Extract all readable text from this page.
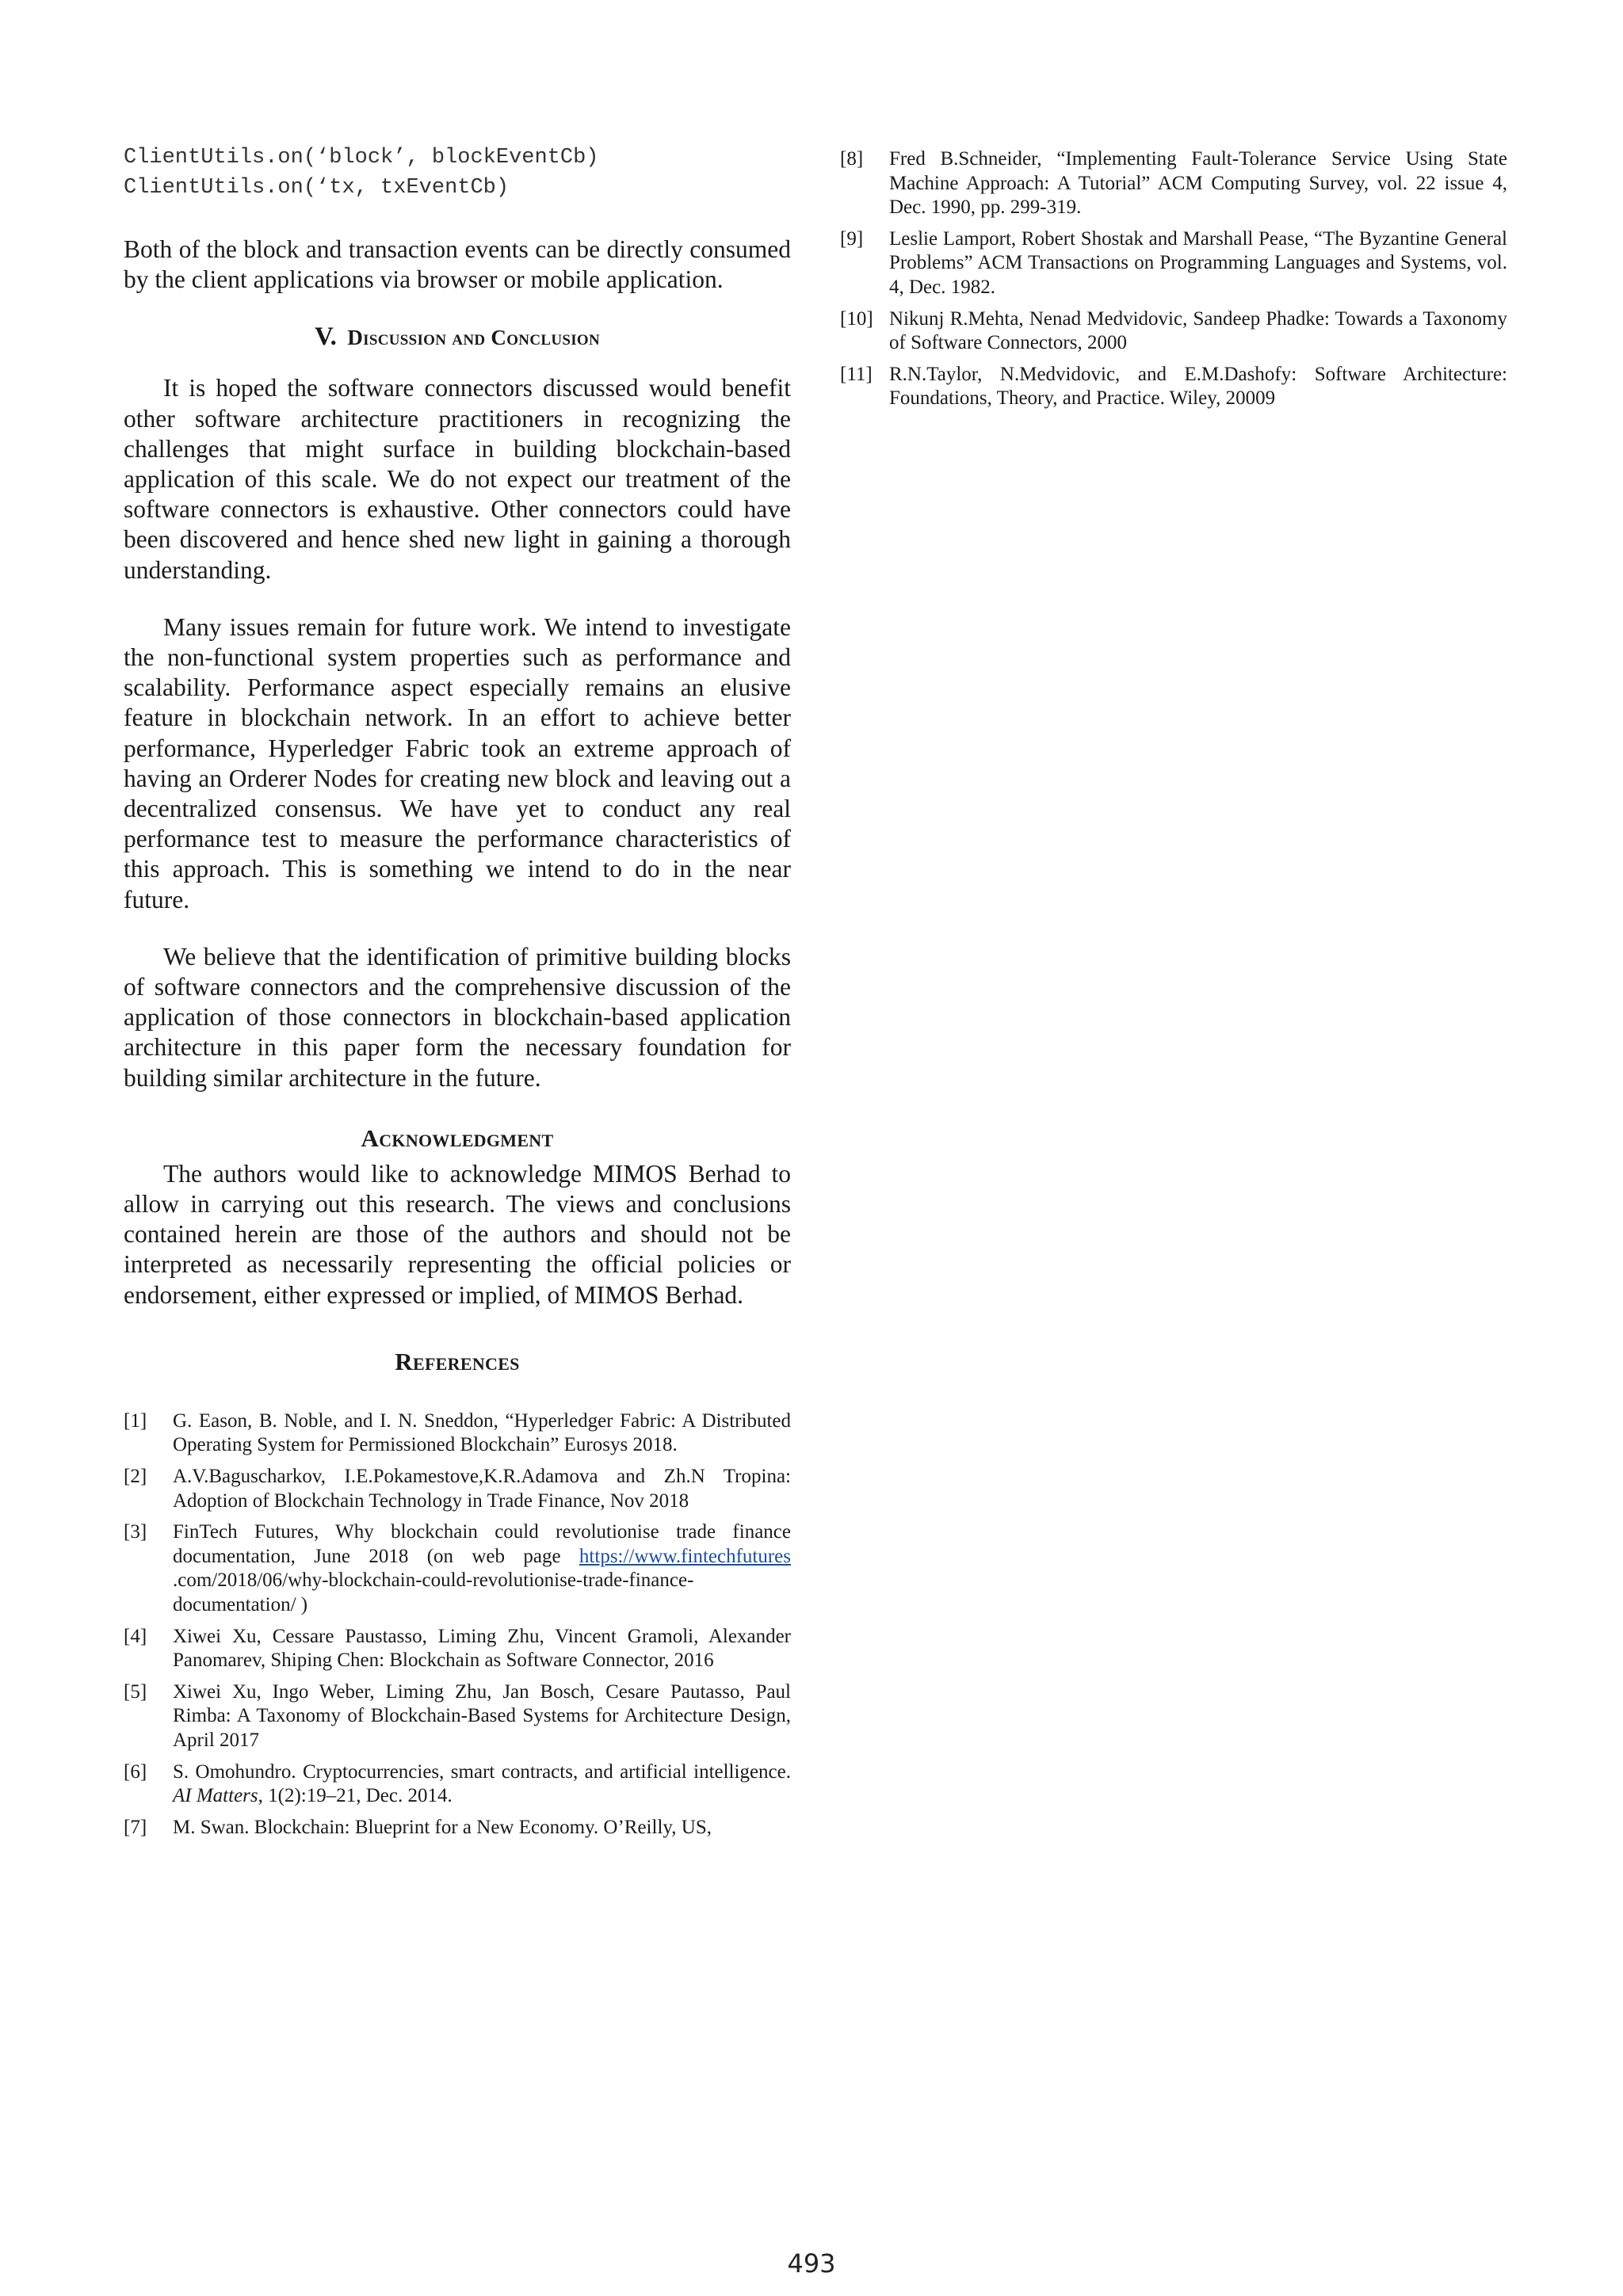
ClientUtils.on(‘block’, blockEventCb)
ClientUtils.on(‘tx, txEventCb)

Both of the block and transaction events can be directly consumed by the client applications via browser or mobile application.

V. Discussion and Conclusion

It is hoped the software connectors discussed would benefit other software architecture practitioners in recognizing the challenges that might surface in building blockchain-based application of this scale. We do not expect our treatment of the software connectors is exhaustive. Other connectors could have been discovered and hence shed new light in gaining a thorough understanding.

Many issues remain for future work. We intend to investigate the non-functional system properties such as performance and scalability. Performance aspect especially remains an elusive feature in blockchain network. In an effort to achieve better performance, Hyperledger Fabric took an extreme approach of having an Orderer Nodes for creating new block and leaving out a decentralized consensus. We have yet to conduct any real performance test to measure the performance characteristics of this approach. This is something we intend to do in the near future.

We believe that the identification of primitive building blocks of software connectors and the comprehensive discussion of the application of those connectors in blockchain-based application architecture in this paper form the necessary foundation for building similar architecture in the future.

Acknowledgment

The authors would like to acknowledge MIMOS Berhad to allow in carrying out this research. The views and conclusions contained herein are those of the authors and should not be interpreted as necessarily representing the official policies or endorsement, either expressed or implied, of MIMOS Berhad.

References
[1] G. Eason, B. Noble, and I. N. Sneddon, “Hyperledger Fabric: A Distributed Operating System for Permissioned Blockchain” Eurosys 2018.
[2] A.V.Baguscharkov, I.E.Pokamestove,K.R.Adamova and Zh.N Tropina: Adoption of Blockchain Technology in Trade Finance, Nov 2018
[3] FinTech Futures, Why blockchain could revolutionise trade finance documentation, June 2018 (on web page https://www.fintechfutures .com/2018/06/why-blockchain-could-revolutionise-trade-finance-documentation/ )
[4] Xiwei Xu, Cessare Paustasso, Liming Zhu, Vincent Gramoli, Alexander Panomarev, Shiping Chen: Blockchain as Software Connector, 2016
[5] Xiwei Xu, Ingo Weber, Liming Zhu, Jan Bosch, Cesare Pautasso, Paul Rimba: A Taxonomy of Blockchain-Based Systems for Architecture Design, April 2017
[6] S. Omohundro. Cryptocurrencies, smart contracts, and artificial intelligence. AI Matters, 1(2):19–21, Dec. 2014.
[7] M. Swan. Blockchain: Blueprint for a New Economy. O’Reilly, US,
[8] Fred B.Schneider, “Implementing Fault-Tolerance Service Using State Machine Approach: A Tutorial” ACM Computing Survey, vol. 22 issue 4, Dec. 1990, pp. 299-319.
[9] Leslie Lamport, Robert Shostak and Marshall Pease, “The Byzantine General Problems” ACM Transactions on Programming Languages and Systems, vol. 4, Dec. 1982.
[10] Nikunj R.Mehta, Nenad Medvidovic, Sandeep Phadke: Towards a Taxonomy of Software Connectors, 2000
[11] R.N.Taylor, N.Medvidovic, and E.M.Dashofy: Software Architecture: Foundations, Theory, and Practice. Wiley, 20009
493
